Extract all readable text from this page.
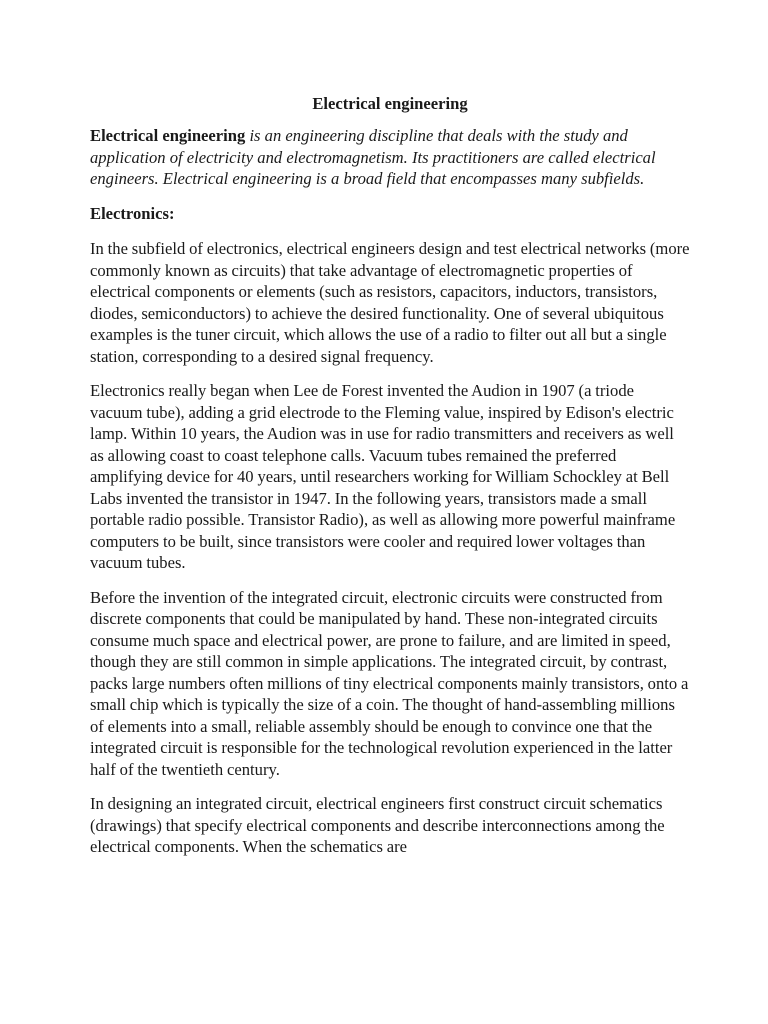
Electrical engineering

Electrical engineering is an engineering discipline that deals with the study and application of electricity and electromagnetism. Its practitioners are called electrical engineers. Electrical engineering is a broad field that encompasses many subfields.

Electronics:

In the subfield of electronics, electrical engineers design and test electrical networks (more commonly known as circuits) that take advantage of electromagnetic properties of electrical components or elements (such as resistors, capacitors, inductors, transistors, diodes, semiconductors) to achieve the desired functionality. One of several ubiquitous examples is the tuner circuit, which allows the use of a radio to filter out all but a single station, corresponding to a desired signal frequency.

Electronics really began when Lee de Forest invented the Audion in 1907 (a triode vacuum tube), adding a grid electrode to the Fleming value, inspired by Edison's electric lamp. Within 10 years, the Audion was in use for radio transmitters and receivers as well as allowing coast to coast telephone calls. Vacuum tubes remained the preferred amplifying device for 40 years, until researchers working for William Schockley at Bell Labs invented the transistor in 1947. In the following years, transistors made a small portable radio possible. Transistor Radio), as well as allowing more powerful mainframe computers to be built, since transistors were cooler and required lower voltages than vacuum tubes.

Before the invention of the integrated circuit, electronic circuits were constructed from discrete components that could be manipulated by hand. These non-integrated circuits consume much space and electrical power, are prone to failure, and are limited in speed, though they are still common in simple applications. The integrated circuit, by contrast, packs large numbers often millions of tiny electrical components mainly transistors, onto a small chip which is typically the size of a coin. The thought of hand-assembling millions of elements into a small, reliable assembly should be enough to convince one that the integrated circuit is responsible for the technological revolution experienced in the latter half of the twentieth century.

In designing an integrated circuit, electrical engineers first construct circuit schematics (drawings) that specify electrical components and describe interconnections among the electrical components. When the schematics are
